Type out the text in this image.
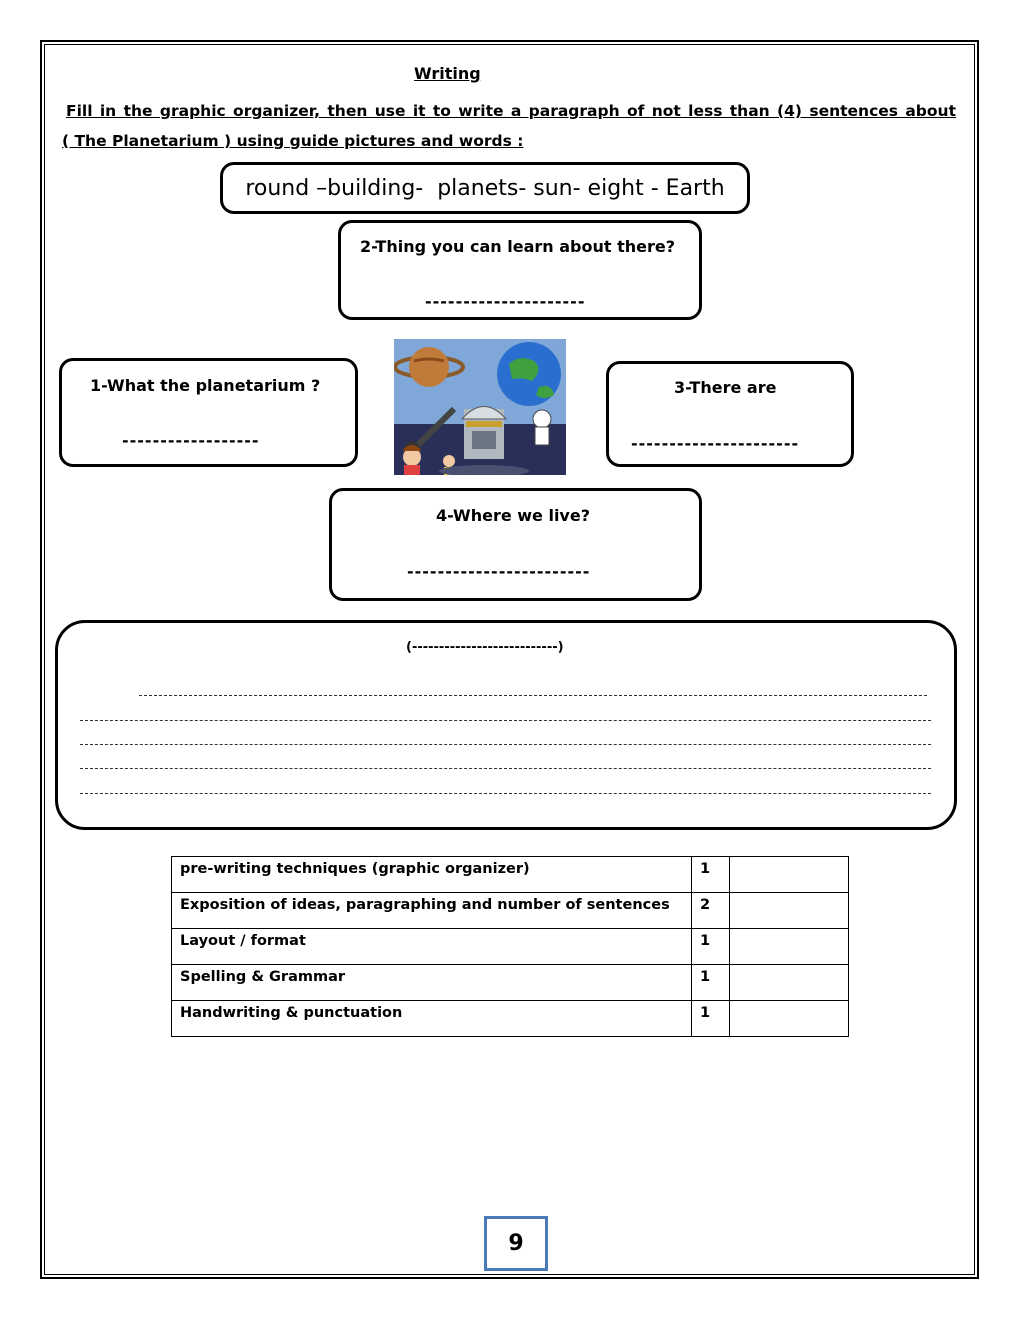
Writing
Fill in the graphic organizer, then use it to write a paragraph of not less than (4) sentences about
( The Planetarium ) using guide pictures and words :
round –building-  planets- sun- eight - Earth
2-Thing you can learn about there?
---------------------
1-What the planetarium ?
------------------
3-There are
----------------------
4-Where we live?
------------------------
(---------------------------)
pre-writing techniques (graphic organizer)	1	
Exposition of ideas, paragraphing and number of sentences	2	
Layout / format	1	
Spelling & Grammar	1	
Handwriting & punctuation	1	
9
